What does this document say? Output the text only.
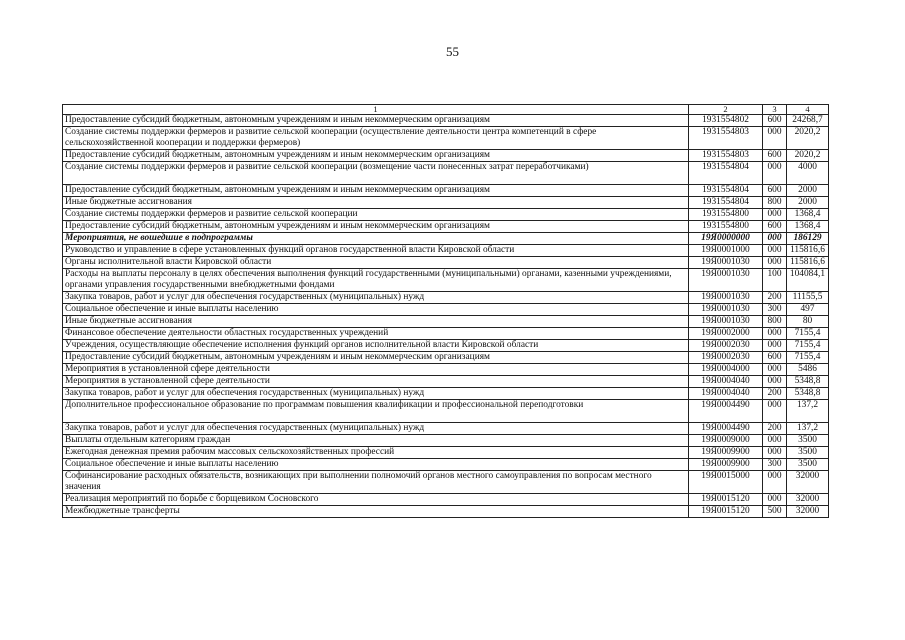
55
1	2	3	4
Предоставление субсидий бюджетным, автономным учреждениям и иным некоммерческим организациям	1931554802	600	24268,7
Создание системы поддержки фермеров и развитие сельской кооперации (осуществление деятельности центра компетенций в сфере сельскохозяйственной кооперации и поддержки фермеров)	1931554803	000	2020,2
Предоставление субсидий бюджетным, автономным учреждениям и иным некоммерческим организациям	1931554803	600	2020,2
Создание системы поддержки фермеров и развитие сельской кооперации (возмещение части понесенных затрат переработчиками)	1931554804	000	4000
Предоставление субсидий бюджетным, автономным учреждениям и иным некоммерческим организациям	1931554804	600	2000
Иные бюджетные ассигнования	1931554804	800	2000
Создание системы поддержки фермеров и развитие сельской кооперации	1931554800	000	1368,4
Предоставление субсидий бюджетным, автономным учреждениям и иным некоммерческим организациям	1931554800	600	1368,4
Мероприятия, не вошедшие в подпрограммы	19Я0000000	000	186129
Руководство и управление в сфере установленных функций органов государственной власти Кировской области	19Я0001000	000	115816,6
Органы исполнительной власти Кировской области	19Я0001030	000	115816,6
Расходы на выплаты персоналу в целях обеспечения выполнения функций государственными (муниципальными) органами, казенными учреждениями, органами управления государственными внебюджетными фондами	19Я0001030	100	104084,1
Закупка товаров, работ и услуг для обеспечения государственных (муниципальных) нужд	19Я0001030	200	11155,5
Социальное обеспечение и иные выплаты населению	19Я0001030	300	497
Иные бюджетные ассигнования	19Я0001030	800	80
Финансовое обеспечение деятельности областных государственных учреждений	19Я0002000	000	7155,4
Учреждения, осуществляющие обеспечение исполнения функций органов исполнительной власти Кировской области	19Я0002030	000	7155,4
Предоставление субсидий бюджетным, автономным учреждениям и иным некоммерческим организациям	19Я0002030	600	7155,4
Мероприятия в установленной сфере деятельности	19Я0004000	000	5486
Мероприятия в установленной сфере деятельности	19Я0004040	000	5348,8
Закупка товаров, работ и услуг для обеспечения государственных (муниципальных) нужд	19Я0004040	200	5348,8
Дополнительное профессиональное образование по программам повышения квалификации и профессиональной переподготовки	19Я0004490	000	137,2
Закупка товаров, работ и услуг для обеспечения государственных (муниципальных) нужд	19Я0004490	200	137,2
Выплаты отдельным категориям граждан	19Я0009000	000	3500
Ежегодная денежная премия рабочим массовых сельскохозяйственных профессий	19Я0009900	000	3500
Социальное обеспечение и иные выплаты населению	19Я0009900	300	3500
Софинансирование расходных обязательств, возникающих при выполнении полномочий органов местного самоуправления по вопросам местного значения	19Я0015000	000	32000
Реализация мероприятий по борьбе с борщевиком Сосновского	19Я0015120	000	32000
Межбюджетные трансферты	19Я0015120	500	32000
